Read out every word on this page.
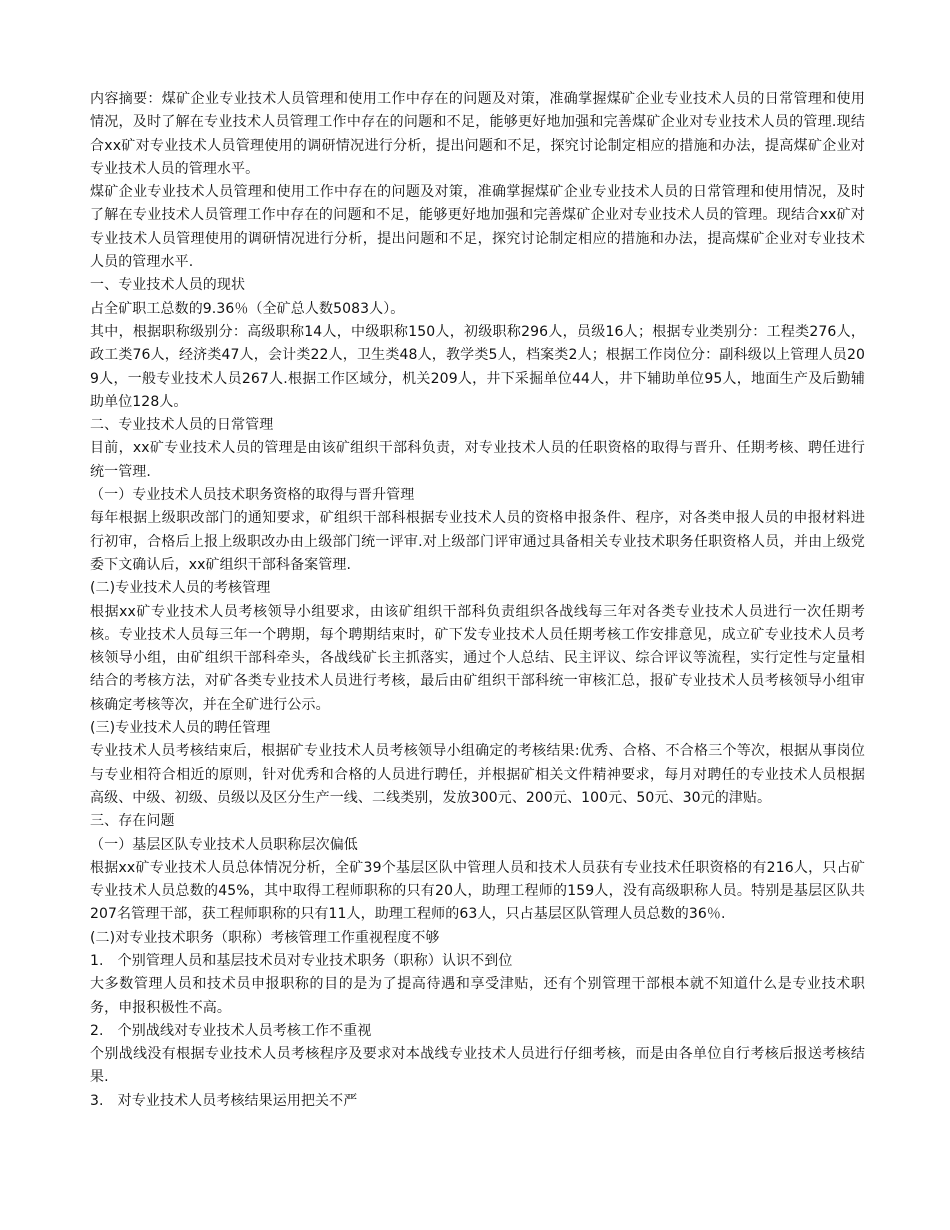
内容摘要：煤矿企业专业技术人员管理和使用工作中存在的问题及对策，准确掌握煤矿企业专业技术人员的日常管理和使用情况，及时了解在专业技术人员管理工作中存在的问题和不足，能够更好地加强和完善煤矿企业对专业技术人员的管理.现结合xx矿对专业技术人员管理使用的调研情况进行分析，提出问题和不足，探究讨论制定相应的措施和办法，提高煤矿企业对专业技术人员的管理水平。

煤矿企业专业技术人员管理和使用工作中存在的问题及对策，准确掌握煤矿企业专业技术人员的日常管理和使用情况，及时了解在专业技术人员管理工作中存在的问题和不足，能够更好地加强和完善煤矿企业对专业技术人员的管理。现结合xx矿对专业技术人员管理使用的调研情况进行分析，提出问题和不足，探究讨论制定相应的措施和办法，提高煤矿企业对专业技术人员的管理水平.

一、专业技术人员的现状

占全矿职工总数的9.36％（全矿总人数5083人）。

其中，根据职称级别分：高级职称14人，中级职称150人，初级职称296人，员级16人；根据专业类别分：工程类276人，政工类76人，经济类47人，会计类22人，卫生类48人，教学类5人，档案类2人；根据工作岗位分：副科级以上管理人员209人，一般专业技术人员267人.根据工作区域分，机关209人，井下采掘单位44人，井下辅助单位95人，地面生产及后勤辅助单位128人。

二、专业技术人员的日常管理

目前，xx矿专业技术人员的管理是由该矿组织干部科负责，对专业技术人员的任职资格的取得与晋升、任期考核、聘任进行统一管理.

（一）专业技术人员技术职务资格的取得与晋升管理

每年根据上级职改部门的通知要求，矿组织干部科根据专业技术人员的资格申报条件、程序，对各类申报人员的申报材料进行初审，合格后上报上级职改办由上级部门统一评审.对上级部门评审通过具备相关专业技术职务任职资格人员，并由上级党委下文确认后，xx矿组织干部科备案管理.

(二)专业技术人员的考核管理

根据xx矿专业技术人员考核领导小组要求，由该矿组织干部科负责组织各战线每三年对各类专业技术人员进行一次任期考核。专业技术人员每三年一个聘期，每个聘期结束时，矿下发专业技术人员任期考核工作安排意见，成立矿专业技术人员考核领导小组，由矿组织干部科牵头，各战线矿长主抓落实，通过个人总结、民主评议、综合评议等流程，实行定性与定量相结合的考核方法，对矿各类专业技术人员进行考核，最后由矿组织干部科统一审核汇总，报矿专业技术人员考核领导小组审核确定考核等次，并在全矿进行公示。

(三)专业技术人员的聘任管理

专业技术人员考核结束后，根据矿专业技术人员考核领导小组确定的考核结果:优秀、合格、不合格三个等次，根据从事岗位与专业相符合相近的原则，针对优秀和合格的人员进行聘任，并根据矿相关文件精神要求，每月对聘任的专业技术人员根据高级、中级、初级、员级以及区分生产一线、二线类别，发放300元、200元、100元、50元、30元的津贴。

三、存在问题

（一）基层区队专业技术人员职称层次偏低

根据xx矿专业技术人员总体情况分析，全矿39个基层区队中管理人员和技术人员获有专业技术任职资格的有216人，只占矿专业技术人员总数的45%，其中取得工程师职称的只有20人，助理工程师的159人，没有高级职称人员。特别是基层区队共207名管理干部，获工程师职称的只有11人，助理工程师的63人，只占基层区队管理人员总数的36％.

(二)对专业技术职务（职称）考核管理工作重视程度不够

1.　个别管理人员和基层技术员对专业技术职务（职称）认识不到位

大多数管理人员和技术员申报职称的目的是为了提高待遇和享受津贴，还有个别管理干部根本就不知道什么是专业技术职务，申报积极性不高。

2.　个别战线对专业技术人员考核工作不重视

个别战线没有根据专业技术人员考核程序及要求对本战线专业技术人员进行仔细考核，而是由各单位自行考核后报送考核结果.

3.　对专业技术人员考核结果运用把关不严
